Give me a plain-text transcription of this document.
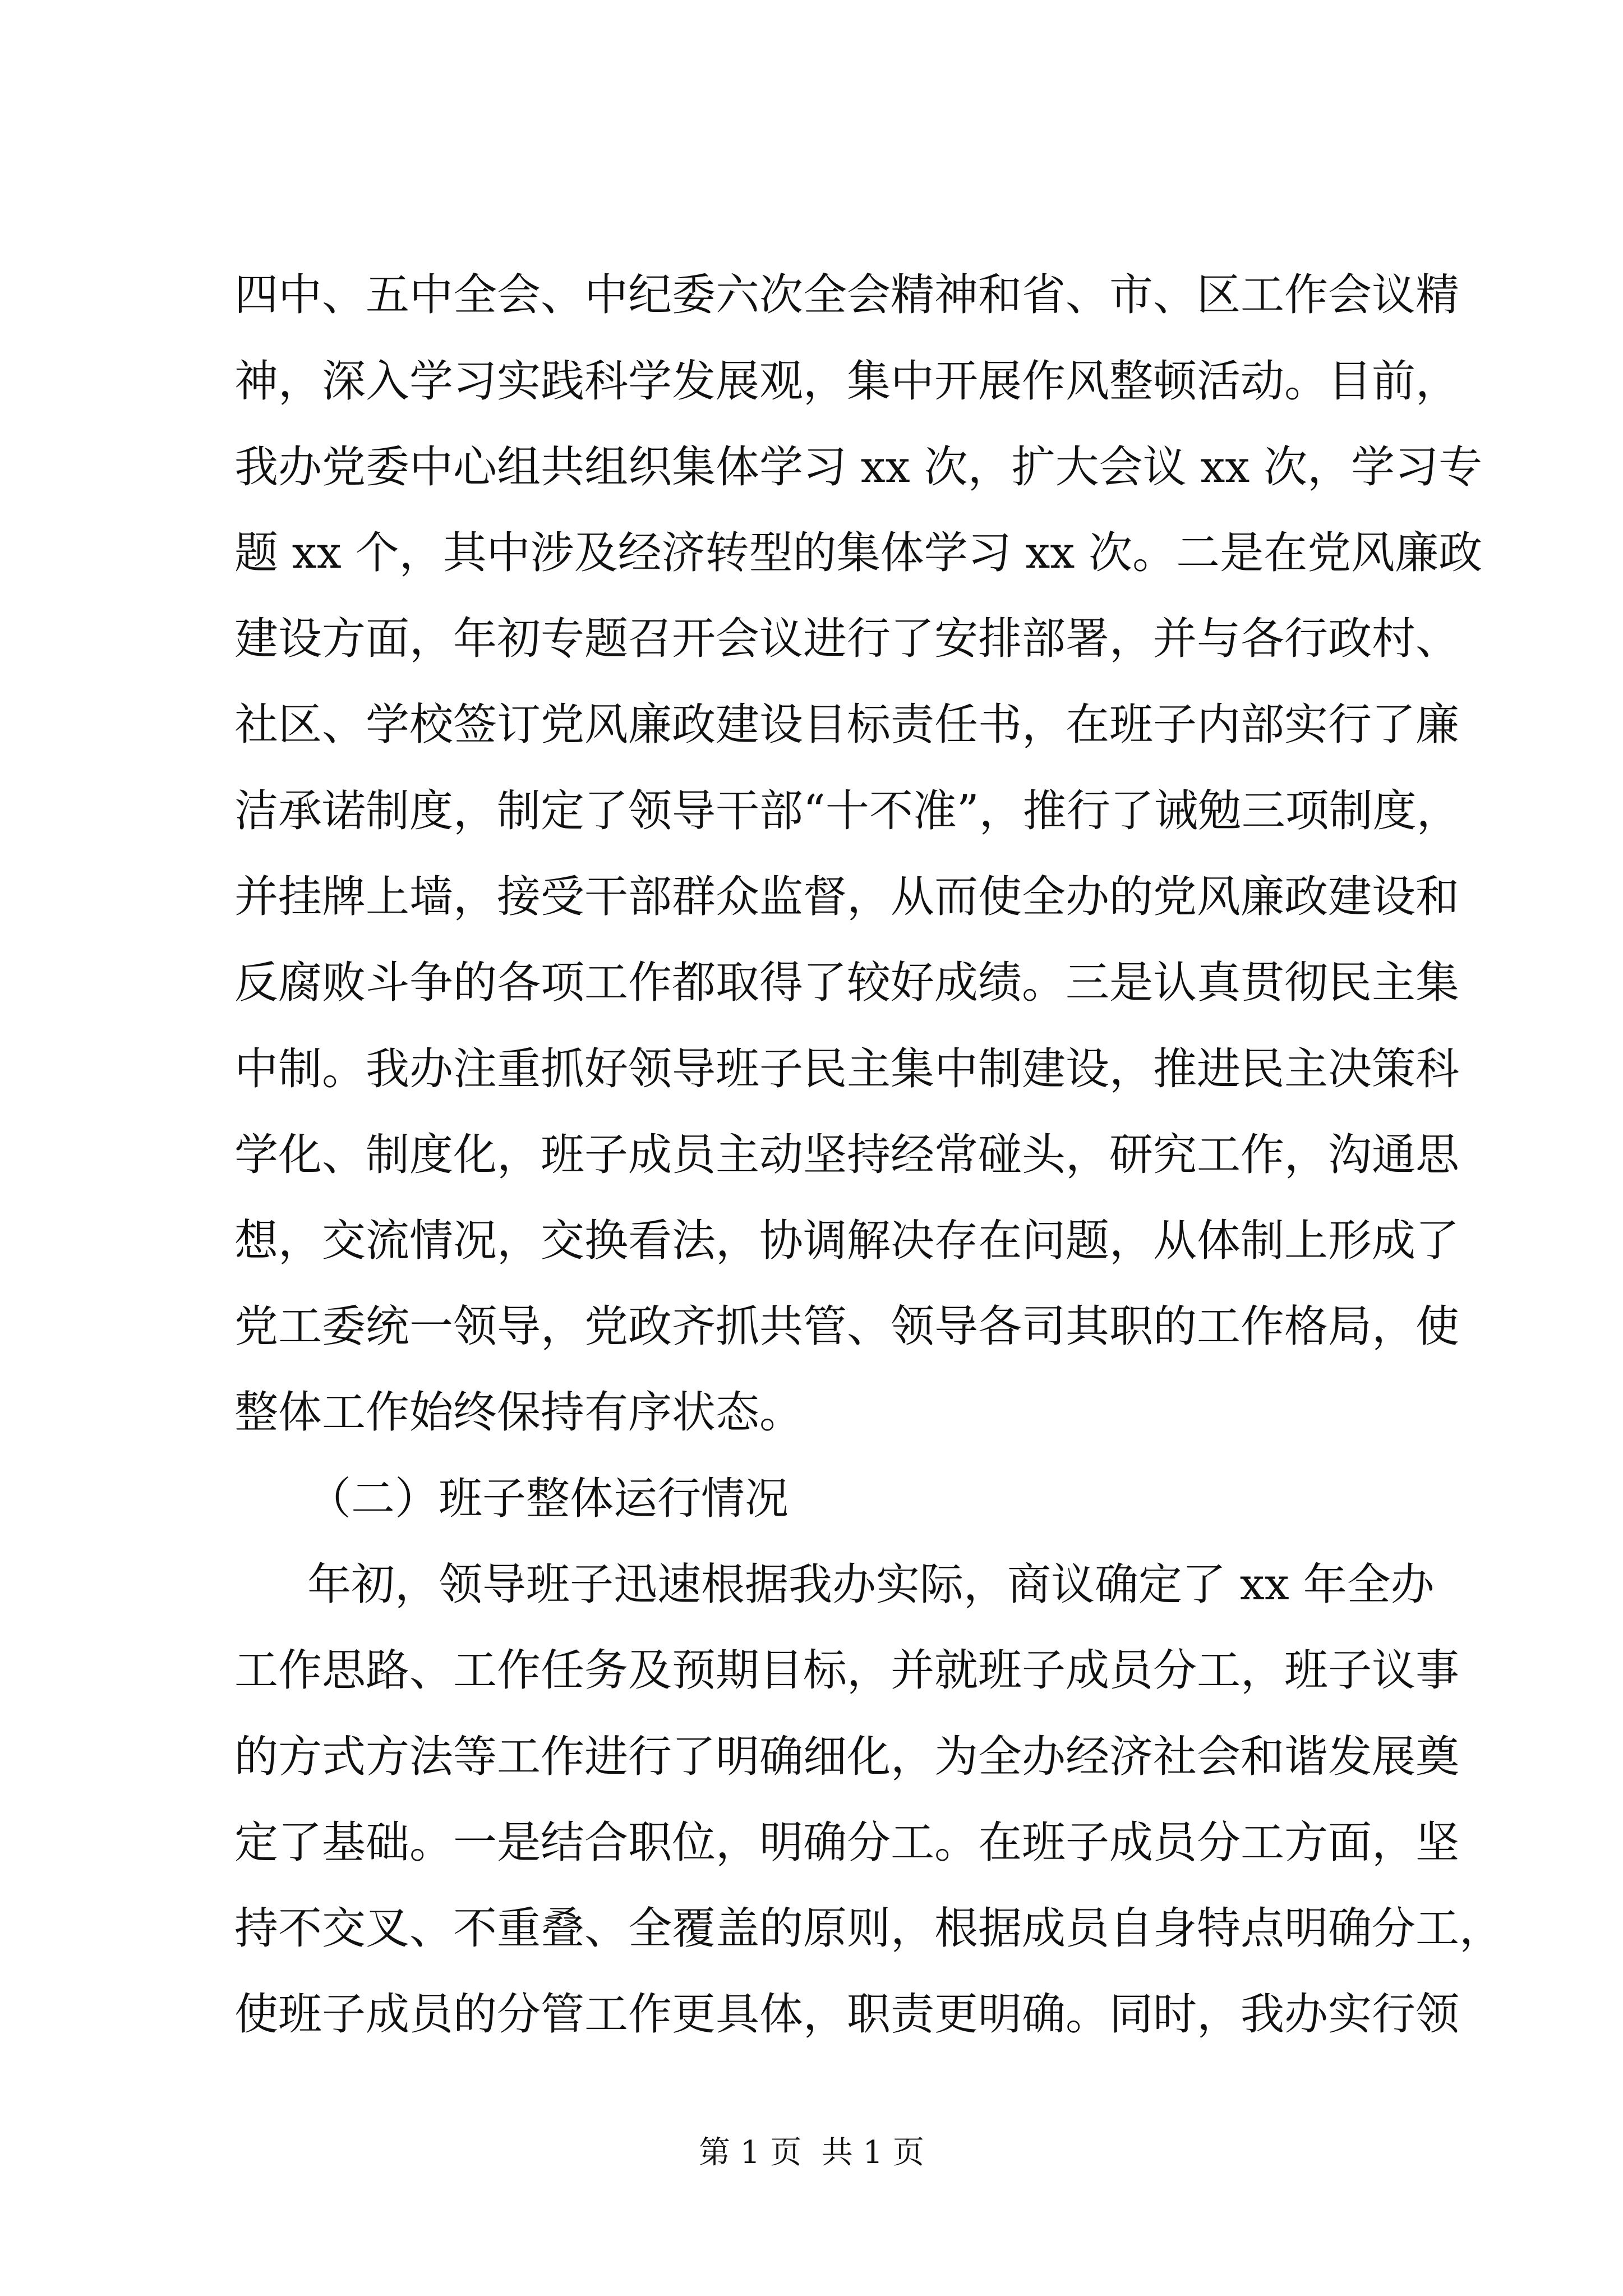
四中、五中全会、中纪委六次全会精神和省、市、区工作会议精
神，深入学习实践科学发展观，集中开展作风整顿活动。目前，
我办党委中心组共组织集体学习 xx 次，扩大会议 xx 次，学习专
题 xx 个，其中涉及经济转型的集体学习 xx 次。二是在党风廉政
建设方面，年初专题召开会议进行了安排部署，并与各行政村、
社区、学校签订党风廉政建设目标责任书，在班子内部实行了廉
洁承诺制度，制定了领导干部“十不准”，推行了诫勉三项制度，
并挂牌上墙，接受干部群众监督，从而使全办的党风廉政建设和
反腐败斗争的各项工作都取得了较好成绩。三是认真贯彻民主集
中制。我办注重抓好领导班子民主集中制建设，推进民主决策科
学化、制度化，班子成员主动坚持经常碰头，研究工作，沟通思
想，交流情况，交换看法，协调解决存在问题，从体制上形成了
党工委统一领导，党政齐抓共管、领导各司其职的工作格局，使
整体工作始终保持有序状态。
（二）班子整体运行情况
年初，领导班子迅速根据我办实际，商议确定了 xx 年全办
工作思路、工作任务及预期目标，并就班子成员分工，班子议事
的方式方法等工作进行了明确细化，为全办经济社会和谐发展奠
定了基础。一是结合职位，明确分工。在班子成员分工方面，坚
持不交叉、不重叠、全覆盖的原则，根据成员自身特点明确分工，
使班子成员的分管工作更具体，职责更明确。同时，我办实行领
第 1 页  共 1 页
